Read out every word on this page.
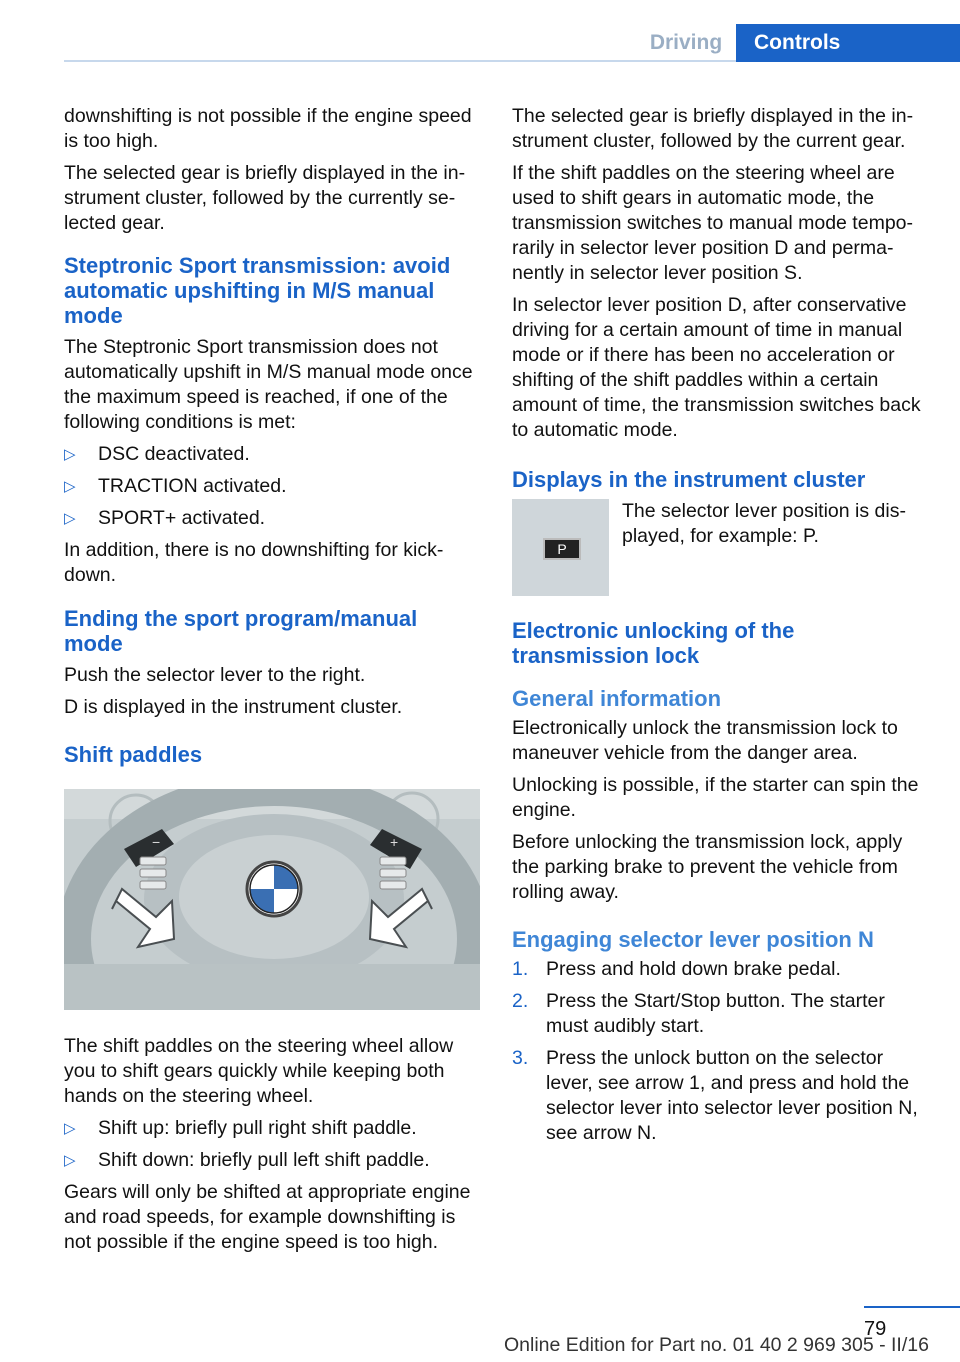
Driving	Controls

downshifting is not possible if the engine speed is too high.

The selected gear is briefly displayed in the instrument cluster, followed by the currently selected gear.

Steptronic Sport transmission: avoid automatic upshifting in M/S manual mode

The Steptronic Sport transmission does not automatically upshift in M/S manual mode once the maximum speed is reached, if one of the following conditions is met:

▷ DSC deactivated.
▷ TRACTION activated.
▷ SPORT+ activated.

In addition, there is no downshifting for kickdown.

Ending the sport program/manual mode

Push the selector lever to the right.

D is displayed in the instrument cluster.

Shift paddles
−	+

The shift paddles on the steering wheel allow you to shift gears quickly while keeping both hands on the steering wheel.

▷ Shift up: briefly pull right shift paddle.
▷ Shift down: briefly pull left shift paddle.

Gears will only be shifted at appropriate engine and road speeds, for example downshifting is not possible if the engine speed is too high.

The selected gear is briefly displayed in the instrument cluster, followed by the current gear.

If the shift paddles on the steering wheel are used to shift gears in automatic mode, the transmission switches to manual mode temporarily in selector lever position D and permanently in selector lever position S.

In selector lever position D, after conservative driving for a certain amount of time in manual mode or if there has been no acceleration or shifting of the shift paddles within a certain amount of time, the transmission switches back to automatic mode.

Displays in the instrument cluster
P
The selector lever position is displayed, for example: P.
Electronic unlocking of the transmission lock
General information

Electronically unlock the transmission lock to maneuver vehicle from the danger area.

Unlocking is possible, if the starter can spin the engine.

Before unlocking the transmission lock, apply the parking brake to prevent the vehicle from rolling away.

Engaging selector lever position N
1. Press and hold down brake pedal.
2. Press the Start/Stop button. The starter must audibly start.
3. Press the unlock button on the selector lever, see arrow 1, and press and hold the selector lever into selector lever position N, see arrow N.
79
Online Edition for Part no. 01 40 2 969 305 - II/16
